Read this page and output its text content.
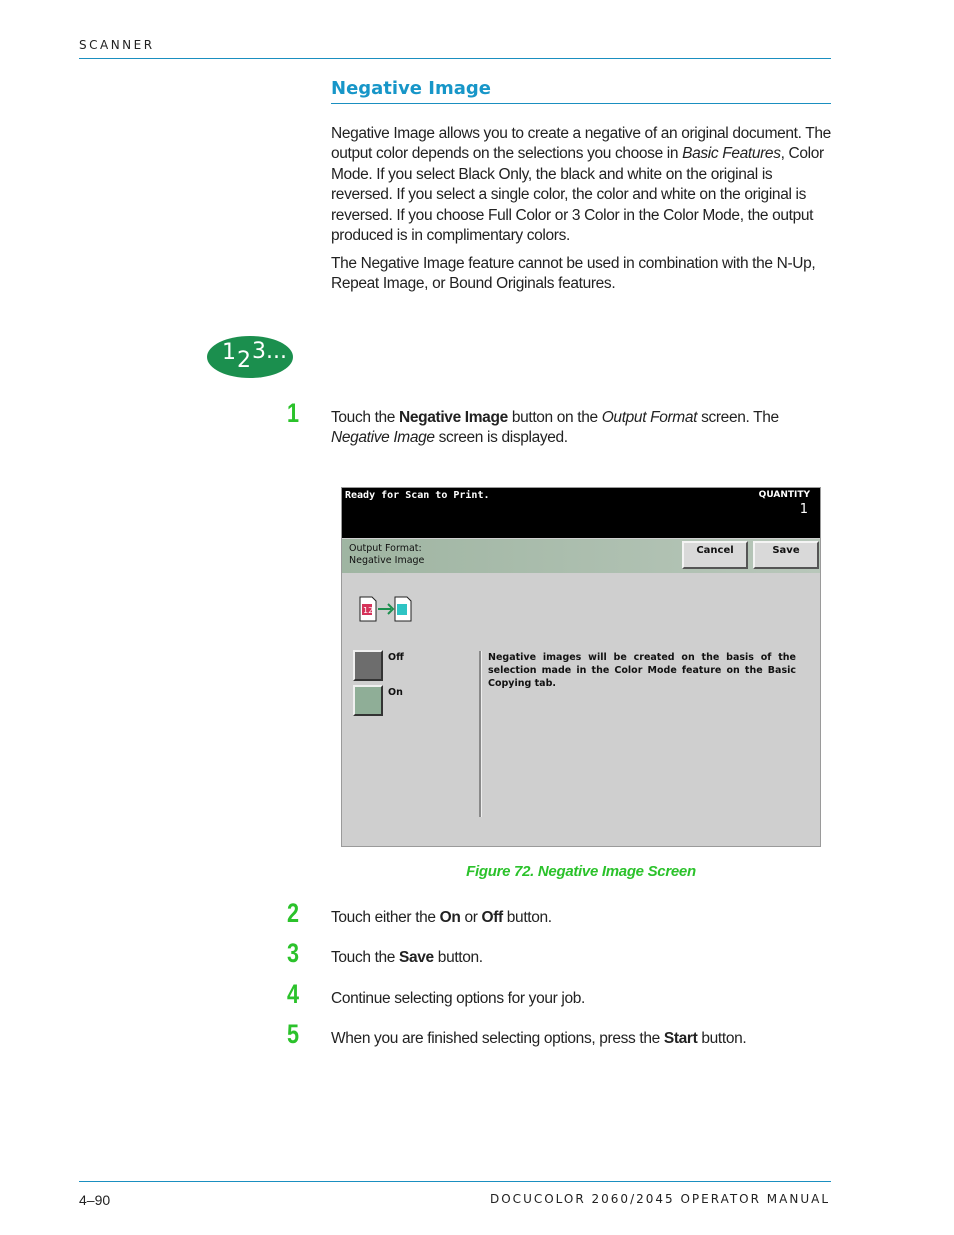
SCANNER
Negative Image
Negative Image allows you to create a negative of an original document. The output color depends on the selections you choose in Basic Features, Color Mode. If you select Black Only, the black and white on the original is reversed. If you select a single color, the color and white on the original is reversed. If you choose Full Color or 3 Color in the Color Mode, the output produced is in complimentary colors.
The Negative Image feature cannot be used in combination with the N-Up, Repeat Image, or Bound Originals features.
1 2 3...
1 Touch the Negative Image button on the Output Format screen. The Negative Image screen is displayed.
Ready for Scan to Print.	QUANTITY
1
Output Format:
Negative Image
Cancel	Save
12
Off
On
Negative images will be created on the basis of the selection made in the Color Mode feature on the Basic Copying tab.
Figure 72. Negative Image Screen
2 Touch either the On or Off button.
3 Touch the Save button.
4 Continue selecting options for your job.
5 When you are finished selecting options, press the Start button.
4–90	DOCUCOLOR 2060/2045 OPERATOR MANUAL
